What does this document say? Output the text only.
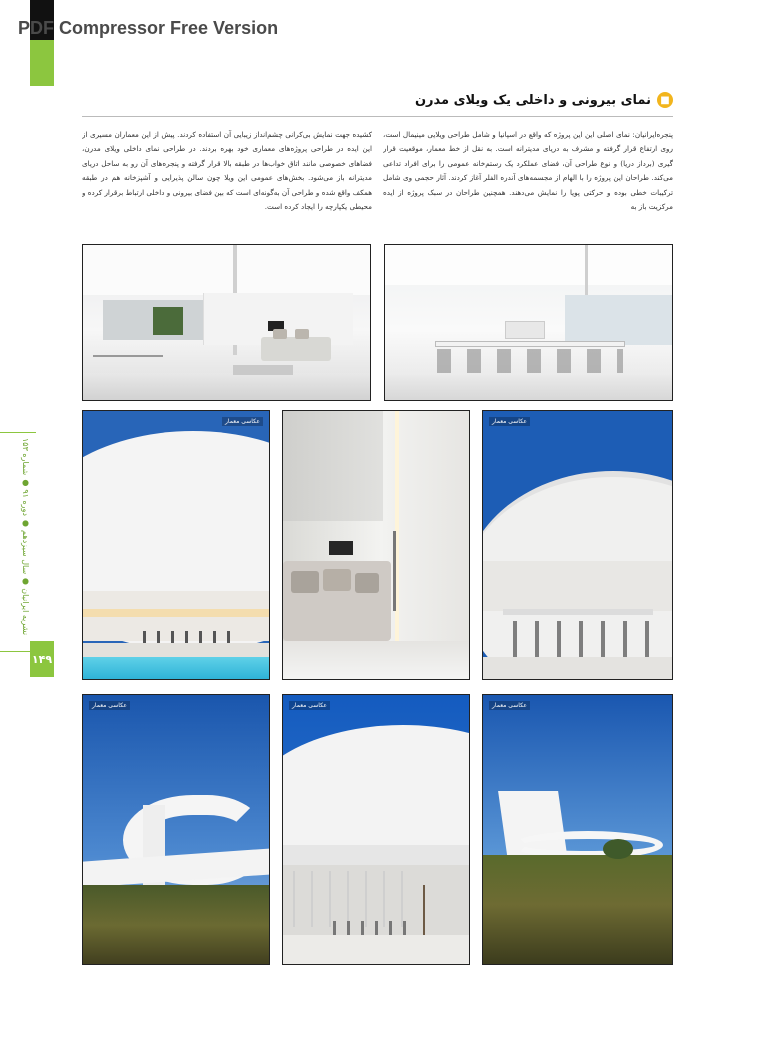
معماری لوکس
PDF Compressor Free Version
نشریه ایرانیان ● سال سیزدهم ● دوره ۹۱ ● شماره ۱۵۳
۱۴۹
■
نمای بیرونی و داخلی یک ویلای مدرن
پنجره‌ایرانیان: نمای اصلی این این پروژه که واقع در اسپانیا و شامل طراحی ویلایی مینیمال است، روی ارتفاع قرار گرفته و مشرف به دریای مدیترانه است. به نقل از خط معمار، موقعیت قرار گیری (برداز دریا) و نوع طراحی آن، فضای عملکرد یک رستم‌خانه عمومی را برای افراد تداعی می‌کند. طراحان این پروژه را با الهام از مجسمه‌های آندره الفلر آغاز کردند. آثار حجمی وی شامل ترکیبات خطی بوده و حرکتی پویا را نمایش می‌دهند. همچنین طراحان در سبک پروژه از ایده مرکزیت باز به
کشیده جهت نمایش بی‌کرانی چشم‌انداز زیبایی آن استفاده کردند. پیش از این معماران مسیری از این ایده در طراحی پروژه‌های معماری خود بهره بردند. در طراحی نمای داخلی ویلای مدرن، فضاهای خصوصی مانند اتاق خواب‌ها در طبقه بالا قرار گرفته و پنجره‌های آن رو به ساحل دریای مدیترانه باز می‌شود. بخش‌های عمومی این ویلا چون سالن پذیرایی و آشپزخانه هم در طبقه همکف واقع شده و طراحی آن به‌گونه‌ای است که بین فضای بیرونی و داخلی ارتباط برقرار کرده و محیطی یکپارچه را ایجاد کرده است.
عکاسی معمار	عکاسی معمار
عکاسی معمار	عکاسی معمار	عکاسی معمار
